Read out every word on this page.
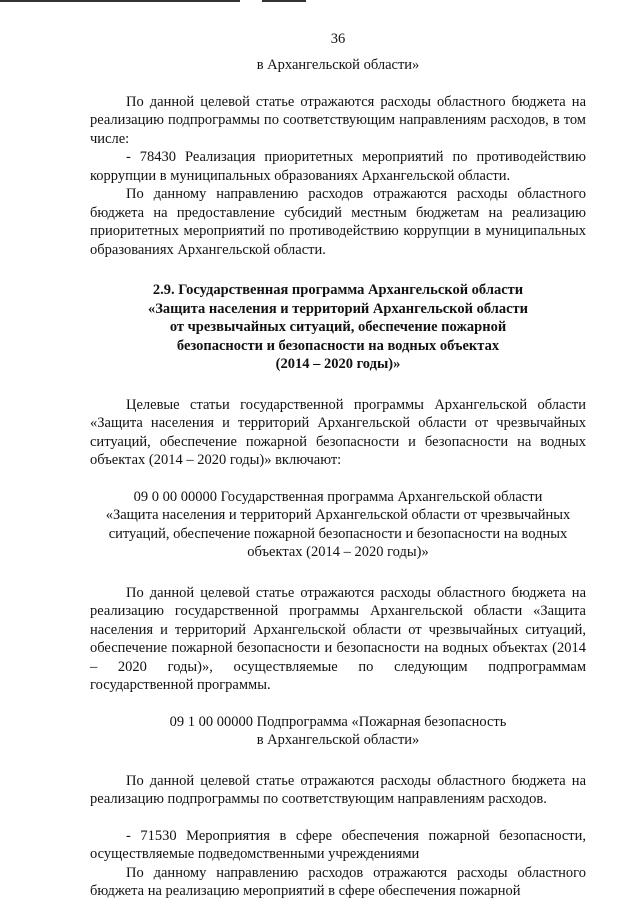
36

в Архангельской области»

По данной целевой статье отражаются расходы областного бюджета на реализацию подпрограммы по соответствующим направлениям расходов, в том числе:

- 78430 Реализация приоритетных мероприятий по противодействию коррупции в муниципальных образованиях Архангельской области.

По данному направлению расходов отражаются расходы областного бюджета на предоставление субсидий местным бюджетам на реализацию приоритетных мероприятий по противодействию коррупции в муниципальных образованиях Архангельской области.

2.9. Государственная программа Архангельской области

«Защита населения и территорий Архангельской области

от чрезвычайных ситуаций, обеспечение пожарной

безопасности и безопасности на водных объектах

(2014 – 2020 годы)»

Целевые статьи государственной программы Архангельской области «Защита населения и территорий Архангельской области от чрезвычайных ситуаций, обеспечение пожарной безопасности и безопасности на водных объектах (2014 – 2020 годы)» включают:

09 0 00 00000 Государственная программа Архангельской области

«Защита населения и территорий Архангельской области от чрезвычайных

ситуаций, обеспечение пожарной безопасности и безопасности на водных

объектах (2014 – 2020 годы)»

По данной целевой статье отражаются расходы областного бюджета на реализацию государственной программы Архангельской области «Защита населения и территорий Архангельской области от чрезвычайных ситуаций, обеспечение пожарной безопасности и безопасности на водных объектах (2014 – 2020 годы)», осуществляемые по следующим подпрограммам государственной программы.

09 1 00 00000 Подпрограмма «Пожарная безопасность

в Архангельской области»

По данной целевой статье отражаются расходы областного бюджета на реализацию подпрограммы по соответствующим направлениям расходов.

- 71530 Мероприятия в сфере обеспечения пожарной безопасности, осуществляемые подведомственными учреждениями

По данному направлению расходов отражаются расходы областного бюджета на реализацию мероприятий в сфере обеспечения пожарной
